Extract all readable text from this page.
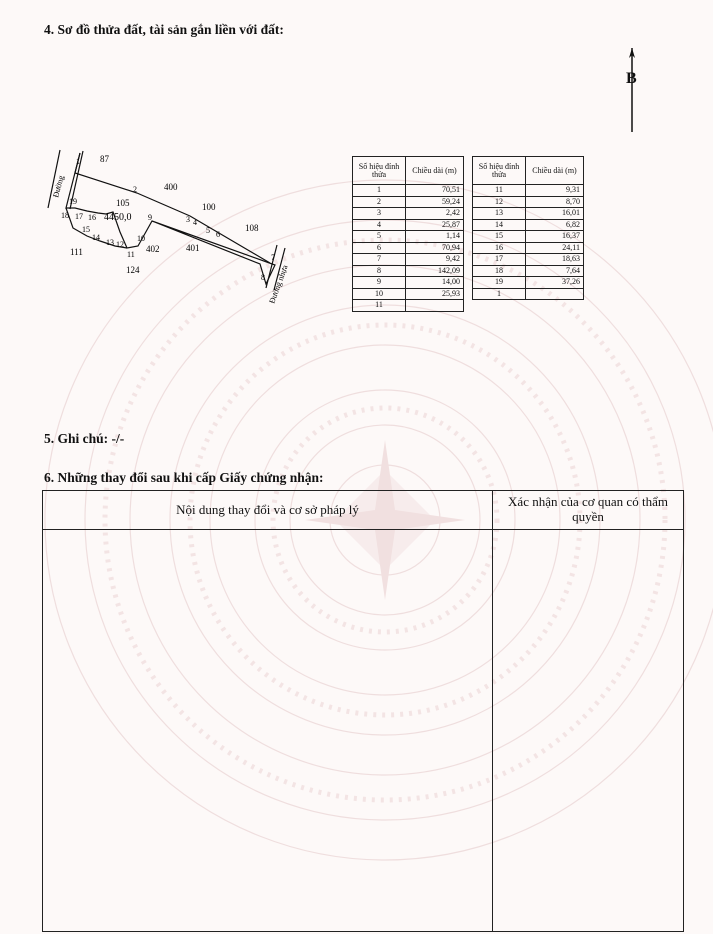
4. Sơ đồ thửa đất, tài sản gắn liền với đất:
B
87
400
100
108
401
402
111
124
105
4450,0
Đường
Đường nhựa
1
2
3 4
5 6
7
8
9
10
11
12
13
14
15
16
17
18
19
Số hiệu đỉnh thửa	Chiều dài (m)
1	70,51
2	59,24
3	2,42
4	25,87
5	1,14
6	70,94
7	9,42
8	142,09
9	14,00
10	25,93
11	
Số hiệu đỉnh thửa	Chiều dài (m)
11	9,31
12	8,70
13	16,01
14	6,82
15	16,37
16	24,11
17	18,63
18	7,64
19	37,26
1	
5. Ghi chú: -/-
6. Những thay đổi sau khi cấp Giấy chứng nhận:
Nội dung thay đổi và cơ sở pháp lý
Xác nhận của cơ quan có thẩm quyền
